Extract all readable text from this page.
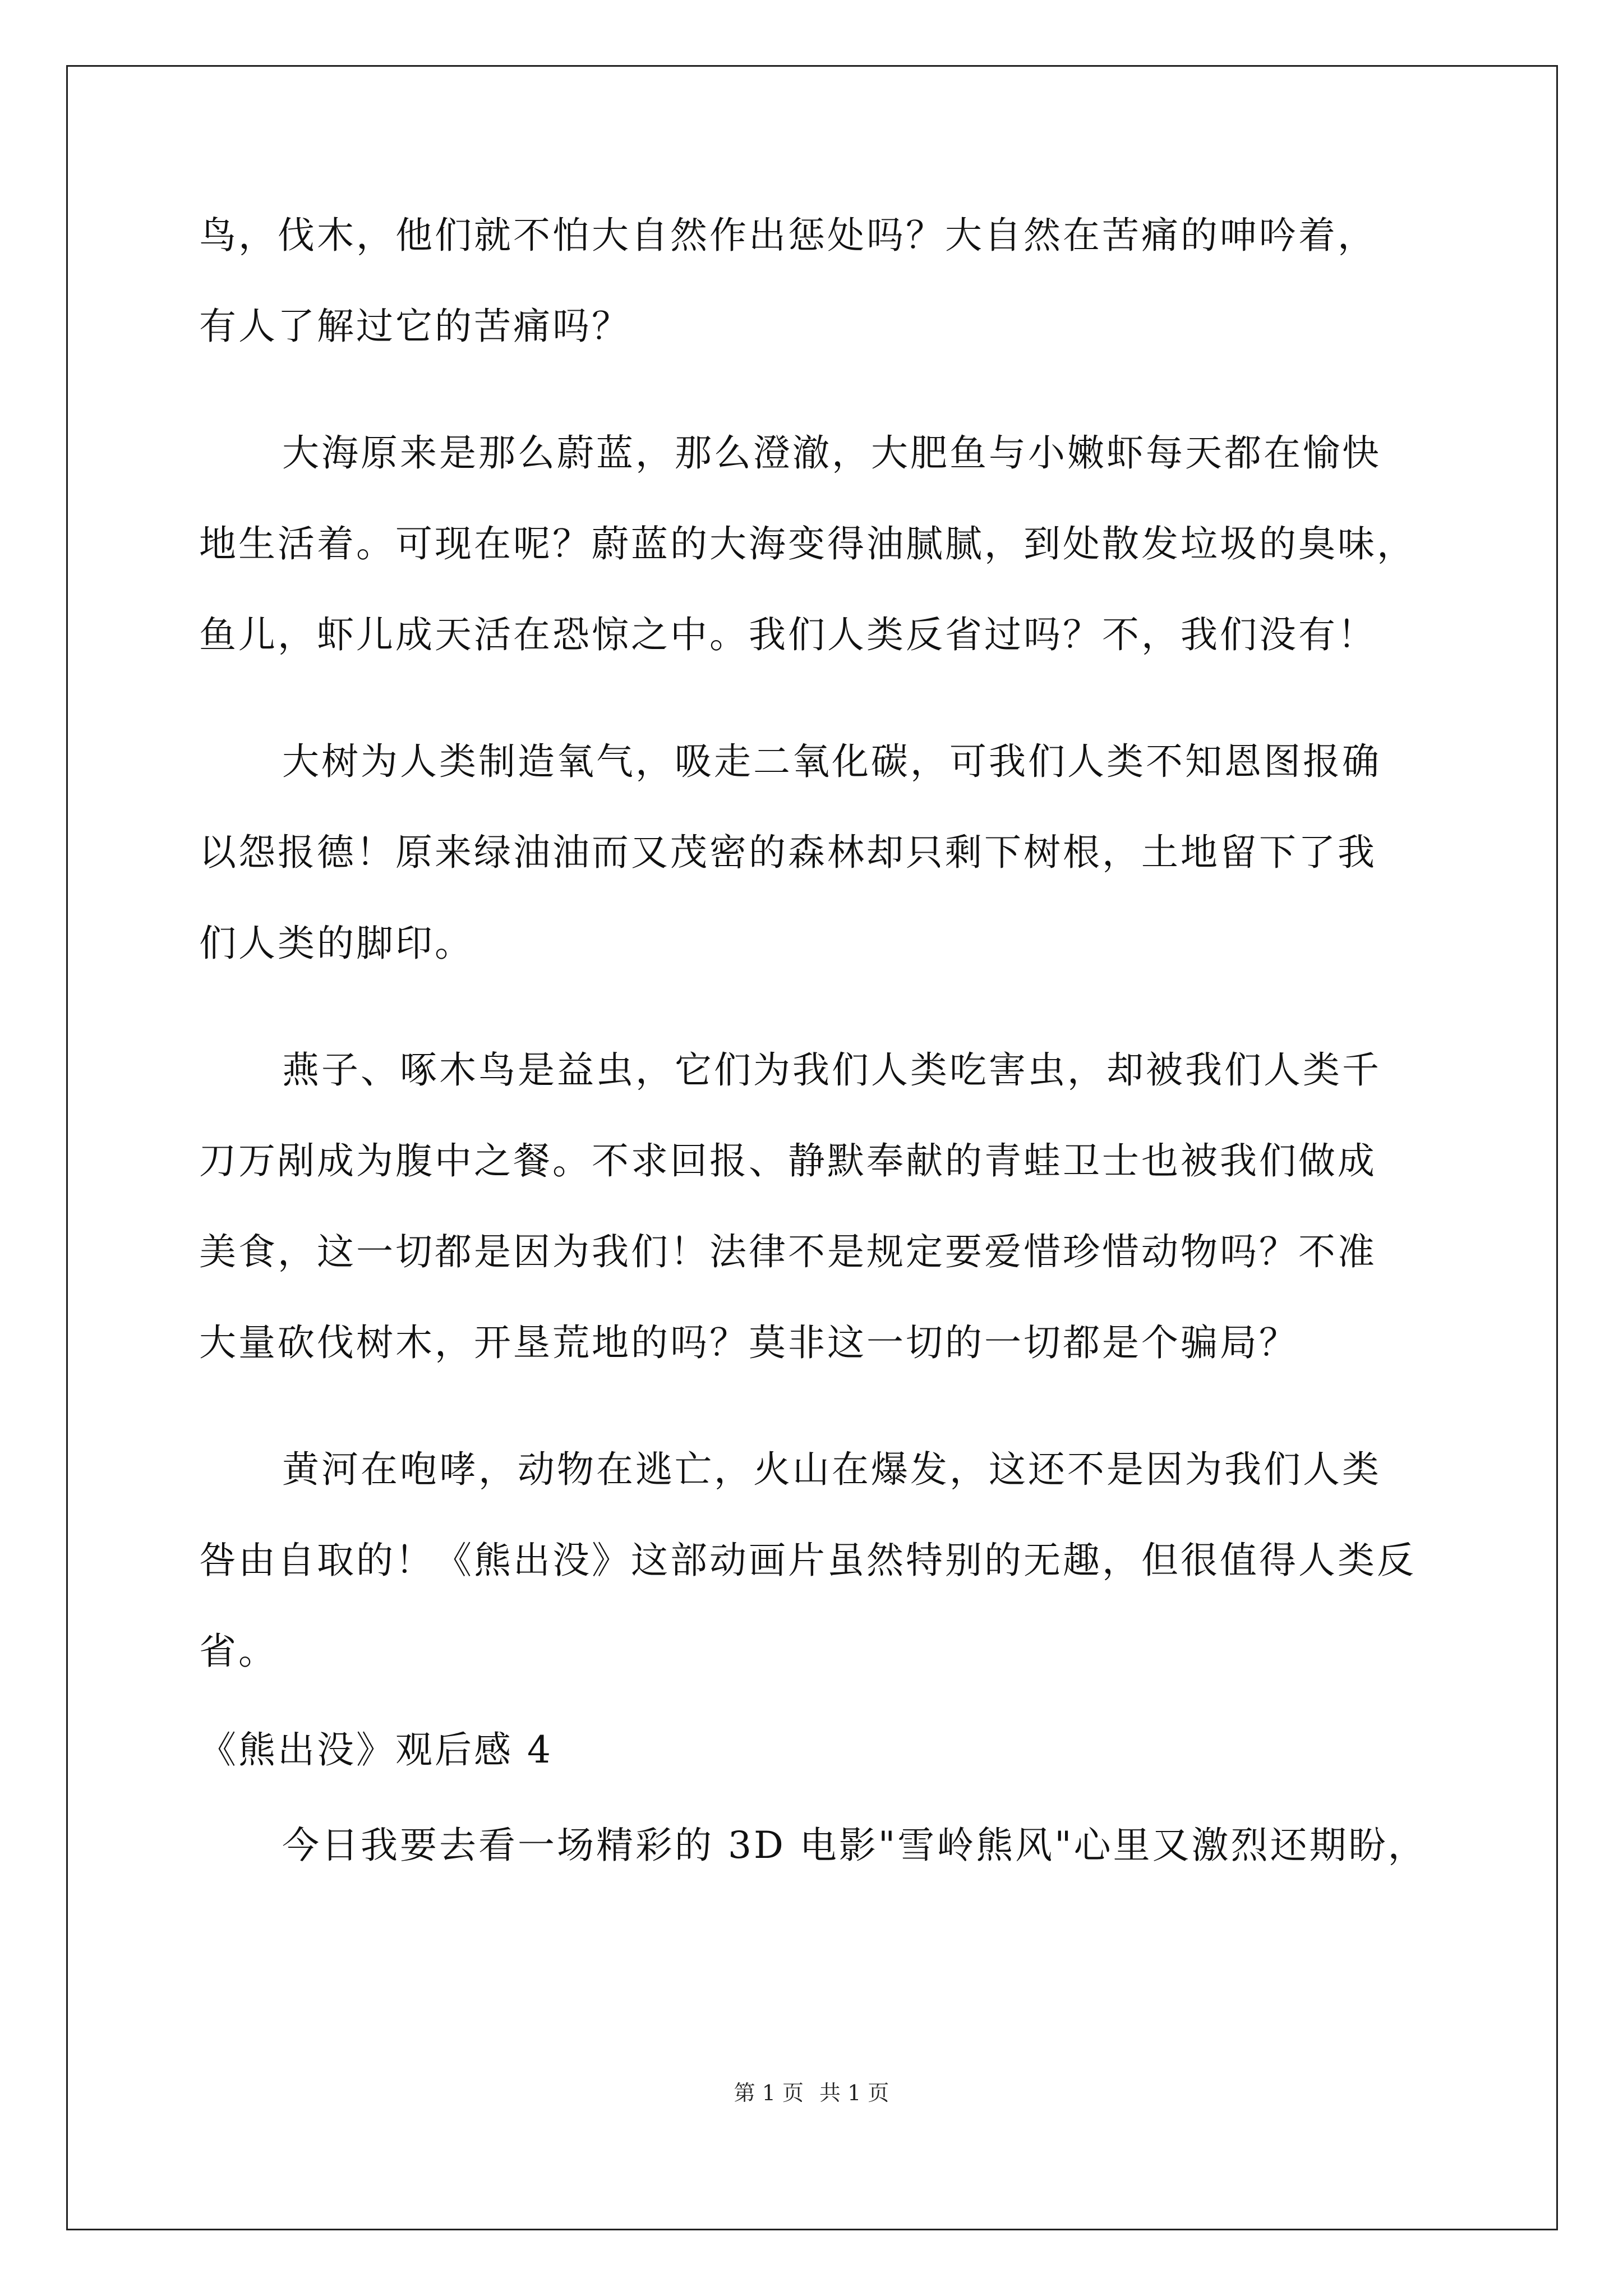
鸟，伐木，他们就不怕大自然作出惩处吗？大自然在苦痛的呻吟着，
有人了解过它的苦痛吗？
大海原来是那么蔚蓝，那么澄澈，大肥鱼与小嫩虾每天都在愉快
地生活着。可现在呢？蔚蓝的大海变得油腻腻，到处散发垃圾的臭味，
鱼儿，虾儿成天活在恐惊之中。我们人类反省过吗？不，我们没有！
大树为人类制造氧气，吸走二氧化碳，可我们人类不知恩图报确
以怨报德！原来绿油油而又茂密的森林却只剩下树根，土地留下了我
们人类的脚印。
燕子、啄木鸟是益虫，它们为我们人类吃害虫，却被我们人类千
刀万剐成为腹中之餐。不求回报、静默奉献的青蛙卫士也被我们做成
美食，这一切都是因为我们！法律不是规定要爱惜珍惜动物吗？不准
大量砍伐树木，开垦荒地的吗？莫非这一切的一切都是个骗局？
黄河在咆哮，动物在逃亡，火山在爆发，这还不是因为我们人类
咎由自取的！《熊出没》这部动画片虽然特别的无趣，但很值得人类反
省。
《熊出没》观后感 4
今日我要去看一场精彩的 3D 电影"雪岭熊风"心里又激烈还期盼，
第 1 页 共 1 页
